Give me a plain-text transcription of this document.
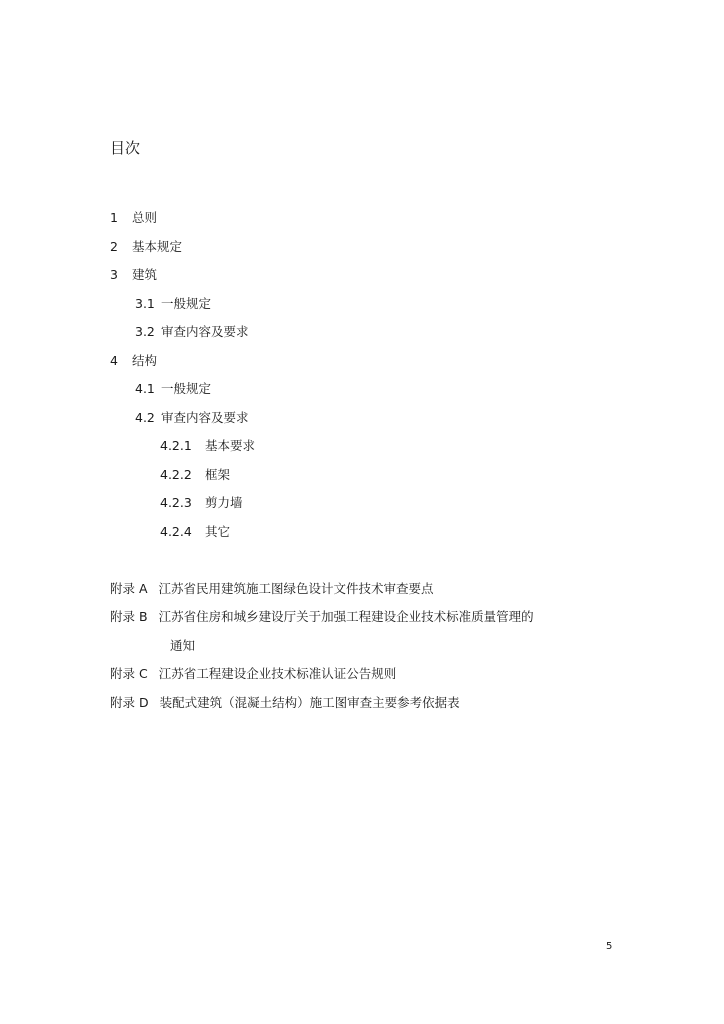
目次
1 总则
2 基本规定
3 建筑
3.1 一般规定
3.2 审查内容及要求
4 结构
4.1 一般规定
4.2 审查内容及要求
4.2.1 基本要求
4.2.2 框架
4.2.3 剪力墙
4.2.4 其它
附录 A 江苏省民用建筑施工图绿色设计文件技术审查要点
附录 B 江苏省住房和城乡建设厅关于加强工程建设企业技术标准质量管理的
通知
附录 C 江苏省工程建设企业技术标准认证公告规则
附录 D 装配式建筑（混凝土结构）施工图审查主要参考依据表
5
